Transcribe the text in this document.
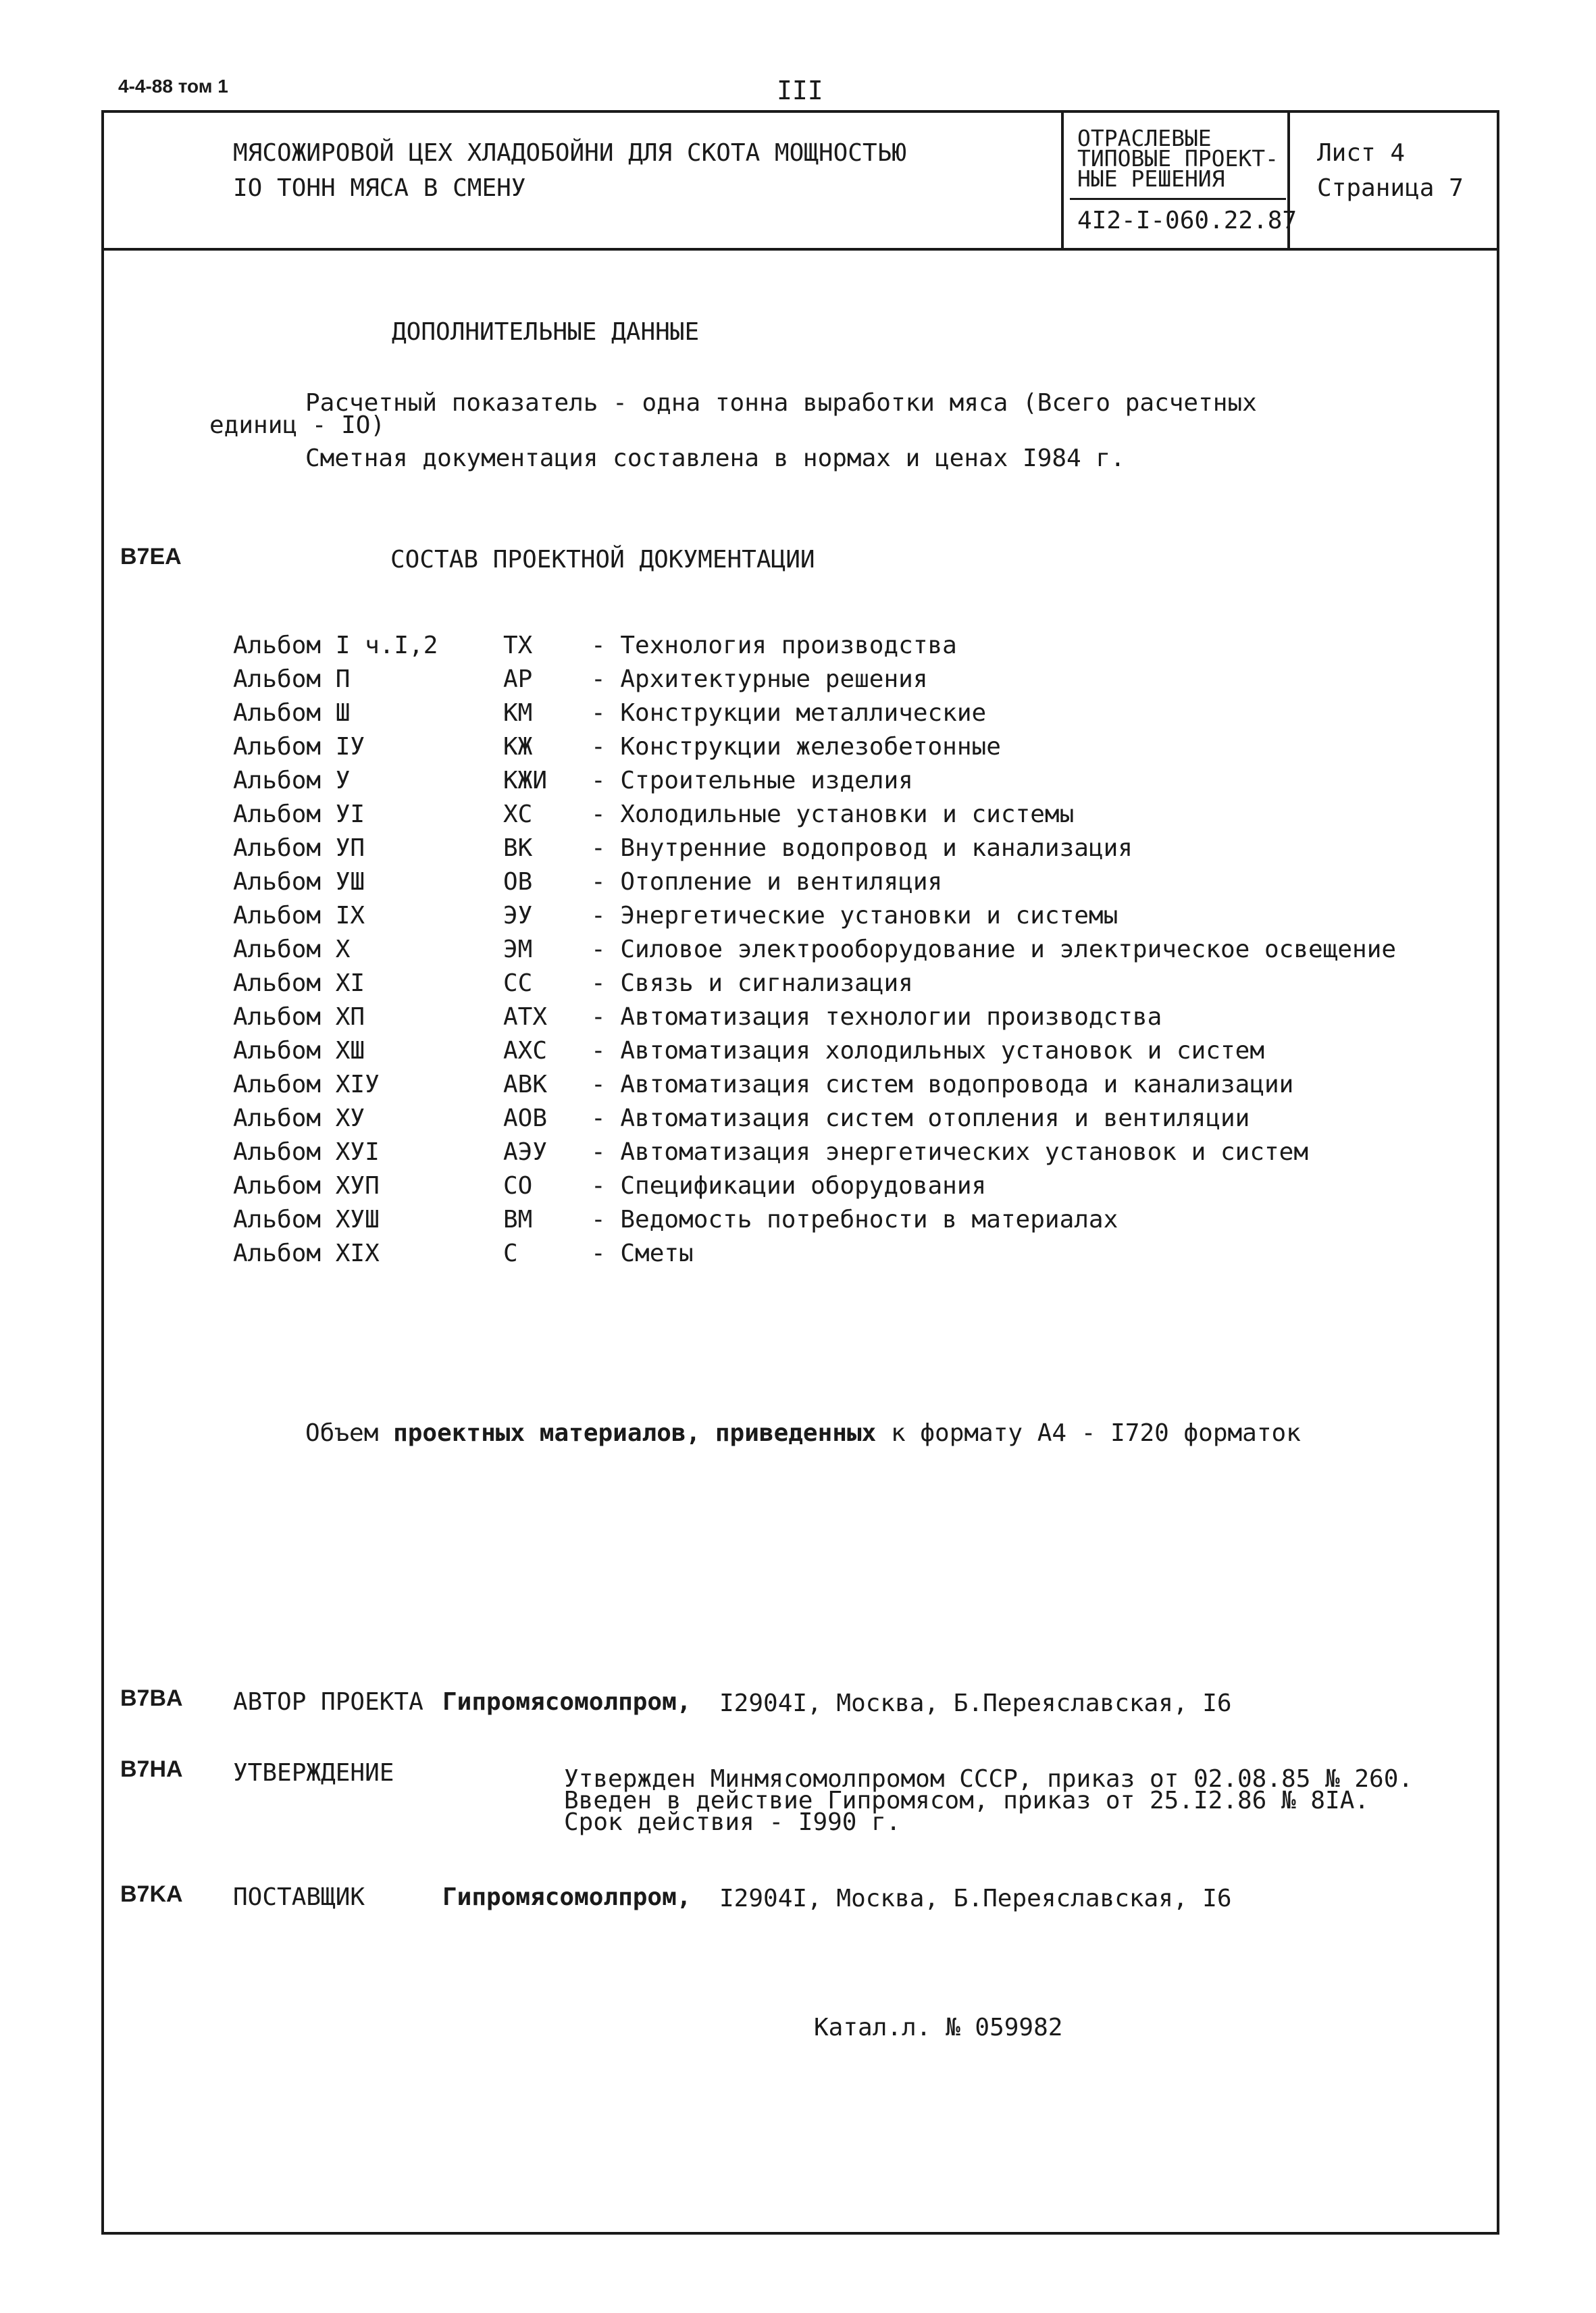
4-4-88 том 1	III
МЯСОЖИРОВОЙ ЦЕХ ХЛАДОБОЙНИ ДЛЯ СКОТА МОЩНОСТЬЮ
IO ТОНН МЯСА В СМЕНУ
ОТРАСЛЕВЫЕ
ТИПОВЫЕ ПРОЕКТ-
НЫЕ РЕШЕНИЯ
4I2-I-060.22.87
Лист 4
Страница 7
ДОПОЛНИТЕЛЬНЫЕ ДАННЫЕ
Расчетный показатель - одна тонна выработки мяса (Всего расчетных
единиц - IO)
Сметная документация составлена в нормах и ценах I984 г.
B7EA	СОСТАВ ПРОЕКТНОЙ ДОКУМЕНТАЦИИ
Альбом I ч.I,2	ТХ - Технология производства
Альбом П	АР - Архитектурные решения
Альбом Ш	КМ - Конструкции металлические
Альбом IУ	КЖ - Конструкции железобетонные
Альбом У	КЖИ - Строительные изделия
Альбом УI	ХС - Холодильные установки и системы
Альбом УП	ВК - Внутренние водопровод и канализация
Альбом УШ	ОВ - Отопление и вентиляция
Альбом IX	ЭУ - Энергетические установки и системы
Альбом X	ЭМ - Силовое электрооборудование и электрическое освещение
Альбом XI	СС - Связь и сигнализация
Альбом XП	АТХ - Автоматизация технологии производства
Альбом XШ	АХС - Автоматизация холодильных установок и систем
Альбом XIУ	АВК - Автоматизация систем водопровода и канализации
Альбом XУ	АОВ - Автоматизация систем отопления и вентиляции
Альбом XУI	АЭУ - Автоматизация энергетических установок и систем
Альбом XУП	СО - Спецификации оборудования
Альбом XУШ	ВМ - Ведомость потребности в материалах
Альбом XIX	С	- Сметы
Объем проектных материалов, приведенных к формату А4 - I720 форматок
B7BA АВТОР ПРОЕКТА Гипромясомолпром, I2904I, Москва, Б.Переяславская, I6
B7HA УТВЕРЖДЕНИЕ	Утвержден Минмясомолпромом СССР, приказ от 02.08.85 № 260.
Введен в действие Гипромясом, приказ от 25.I2.86 № 8IA.
Срок действия - I990 г.
B7KA ПОСТАВЩИК	Гипромясомолпром, I2904I, Москва, Б.Переяславская, I6
Катал.л. № 059982
